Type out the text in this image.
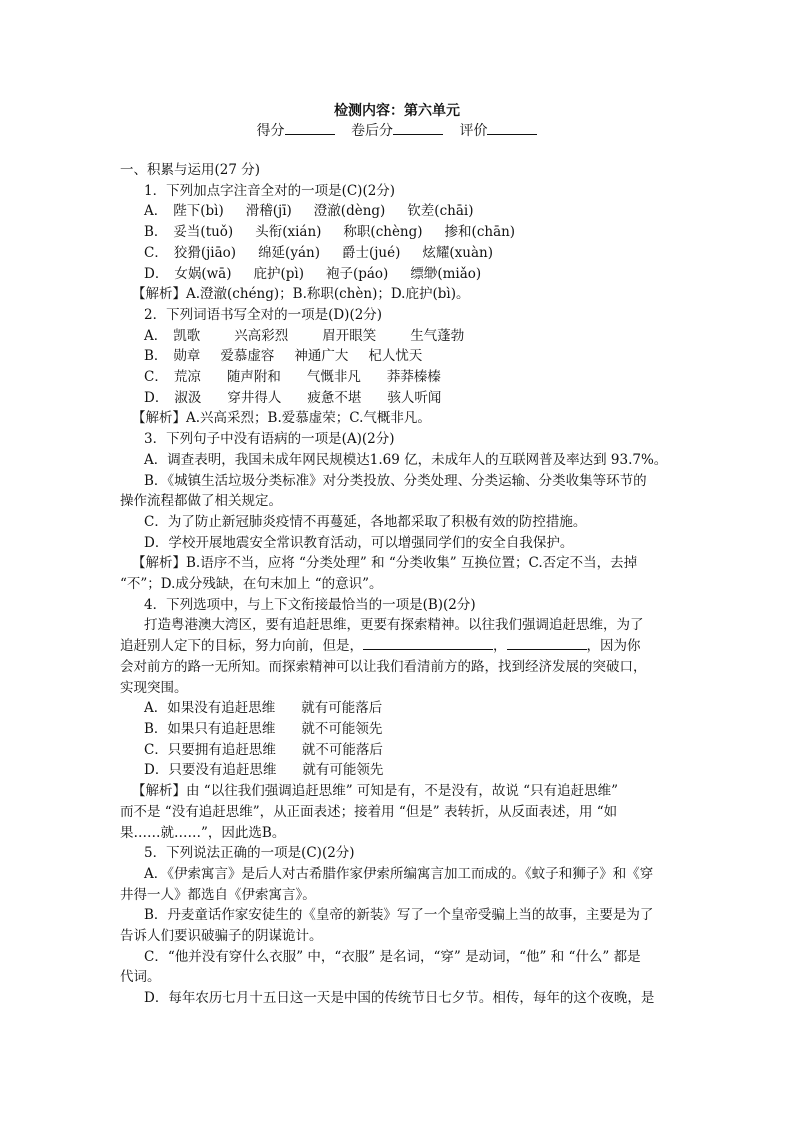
检测内容：第六单元
得分	卷后分	评价
一、积累与运用(27 分)
1．下列加点字注音全对的一项是(C)(2分)
A． 陛下(bì) 滑稽(jī) 澄澈(dèng) 钦差(chāi)
B． 妥当(tuǒ) 头衔(xián) 称职(chèng) 掺和(chān)
C． 狡猾(jiāo) 绵延(yán) 爵士(jué) 炫耀(xuàn)
D． 女娲(wā) 庇护(pì) 袍子(páo) 缥缈(miǎo)
【解析】A.澄澈(chéng)；B.称职(chèn)；D.庇护(bì)。
2．下列词语书写全对的一项是(D)(2分)
A． 凯歌	兴高彩烈	眉开眼笑	生气蓬勃
B． 勋章 爱慕虚容 神通广大 杞人忧天
C． 荒凉 随声附和 气慨非凡 莽莽榛榛
D． 淑汲 穿井得人 疲惫不堪 骇人听闻
【解析】A.兴高采烈；B.爱慕虚荣；C.气概非凡。
3．下列句子中没有语病的一项是(A)(2分)
A．调查表明，我国未成年网民规模达1.69 亿，未成年人的互联网普及率达到 93.7%。
B．《城镇生活垃圾分类标准》对分类投放、分类处理、分类运输、分类收集等环节的
操作流程都做了相关规定。
C．为了防止新冠肺炎疫情不再蔓延，各地都采取了积极有效的防控措施。
D．学校开展地震安全常识教育活动，可以增强同学们的安全自我保护。
【解析】B.语序不当，应将 “分类处理” 和 “分类收集” 互换位置；C.否定不当，去掉
“不”；D.成分残缺，在句末加上 “的意识”。
4．下列选项中，与上下文衔接最恰当的一项是(B)(2分)
打造粤港澳大湾区，要有追赶思维，更要有探索精神。以往我们强调追赶思维，为了
追赶别人定下的目标，努力向前，但是，	，	，因为你
会对前方的路一无所知。而探索精神可以让我们看清前方的路，找到经济发展的突破口，
实现突围。
A．如果没有追赶思维 就有可能落后
B．如果只有追赶思维 就不可能领先
C．只要拥有追赶思维 就不可能落后
D．只要没有追赶思维 就有可能领先
【解析】由 “以往我们强调追赶思维” 可知是有，不是没有，故说 “只有追赶思维”
而不是 “没有追赶思维”，从正面表述；接着用 “但是” 表转折，从反面表述，用 “如
果……就……”，因此选B。
5．下列说法正确的一项是(C)(2分)
A．《伊索寓言》是后人对古希腊作家伊索所编寓言加工而成的。《蚊子和狮子》和《穿
井得一人》都选自《伊索寓言》。
B．丹麦童话作家安徒生的《皇帝的新装》写了一个皇帝受骗上当的故事，主要是为了
告诉人们要识破骗子的阴谋诡计。
C．“他并没有穿什么衣服” 中，“衣服” 是名词，“穿” 是动词，“他” 和 “什么” 都是
代词。
D．每年农历七月十五日这一天是中国的传统节日七夕节。相传，每年的这个夜晚，是
